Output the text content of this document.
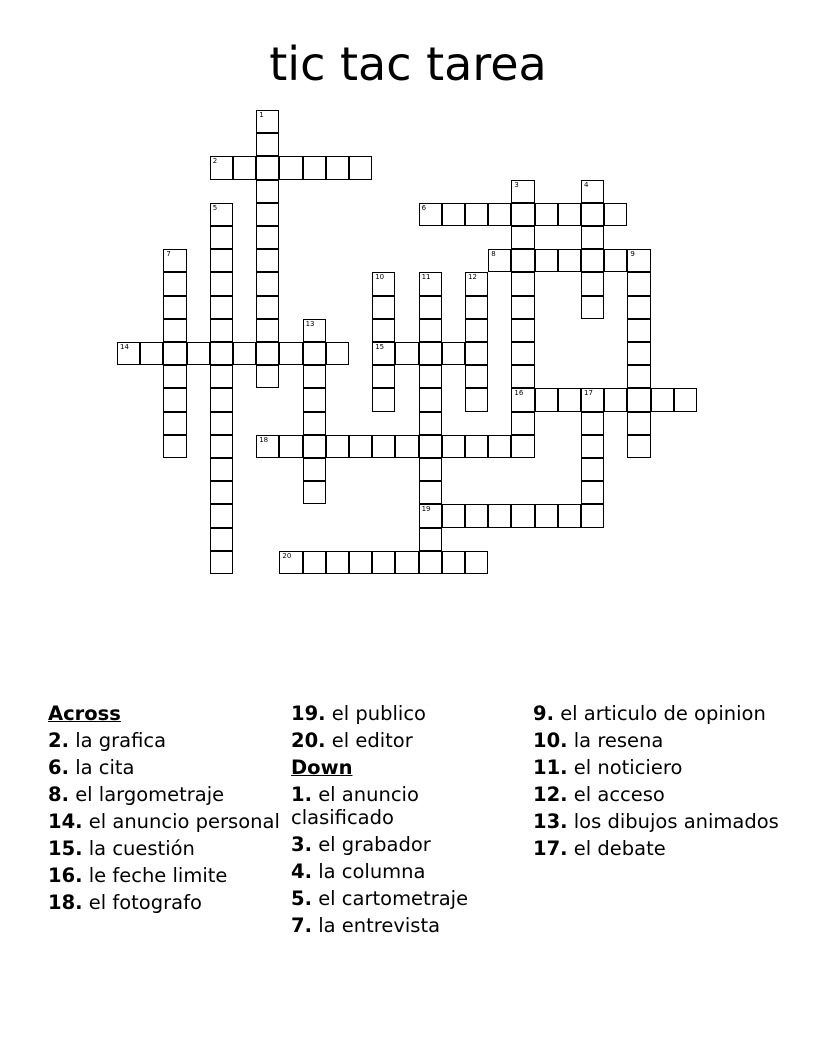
tic tac tarea
2
6
8	9
14	15
16	17
18
19
20
1
3	4
5
7
10	11	12
13
Across
2. la grafica
6. la cita
8. el largometraje
14. el anuncio personal
15. la cuestión
16. le feche limite
18. el fotografo
19. el publico
20. el editor
Down
1. el anuncio clasificado
3. el grabador
4. la columna
5. el cartometraje
7. la entrevista
9. el articulo de opinion
10. la resena
11. el noticiero
12. el acceso
13. los dibujos animados
17. el debate
